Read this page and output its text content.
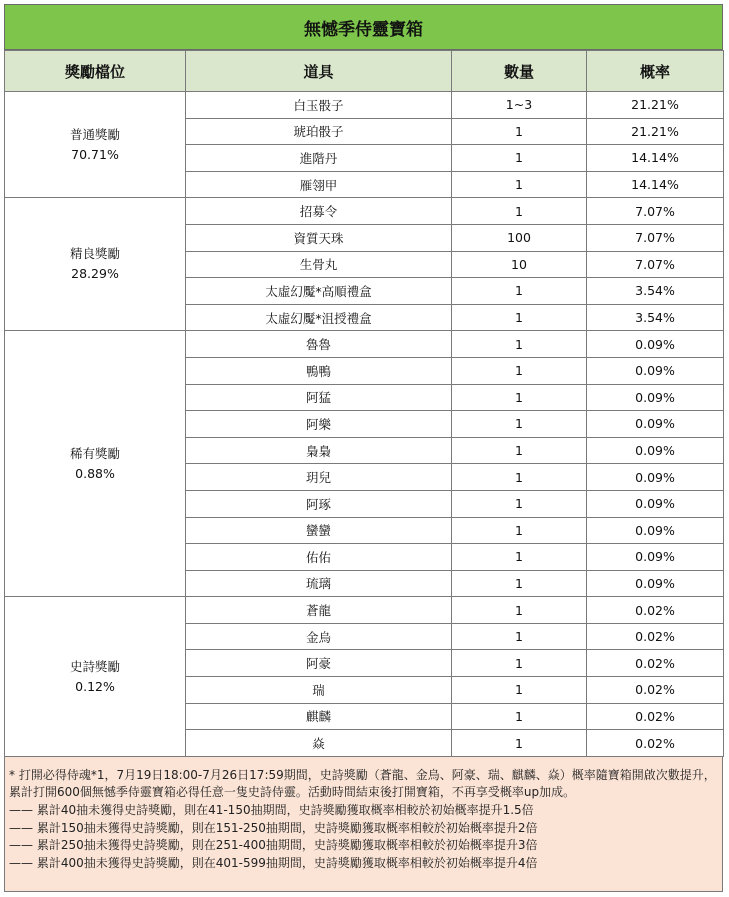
無憾季侍靈寶箱
獎勵檔位	道具	數量	概率

普通獎勵
70.71%	白玉骰子	1~3	21.21%
	琥珀骰子	1	21.21%
	進階丹	1	14.14%
	雁翎甲	1	14.14%

精良獎勵
28.29%	招募令	1	7.07%
	資質天珠	100	7.07%
	生骨丸	10	7.07%
	太虛幻魘*高順禮盒	1	3.54%
	太虛幻魘*沮授禮盒	1	3.54%

稀有獎勵
0.88%	魯魯	1	0.09%
	鴨鴨	1	0.09%
	阿猛	1	0.09%
	阿樂	1	0.09%
	梟梟	1	0.09%
	玥兒	1	0.09%
	阿琢	1	0.09%
	蠻蠻	1	0.09%
	佑佑	1	0.09%
	琉璃	1	0.09%

史詩獎勵
0.12%	蒼龍	1	0.02%
	金烏	1	0.02%
	阿豪	1	0.02%
	瑞	1	0.02%
	麒麟	1	0.02%
	焱	1	0.02%
* 打開必得侍魂*1，7月19日18:00-7月26日17:59期間，史詩獎勵（蒼龍、金烏、阿豪、瑞、麒麟、焱）概率隨寶箱開啟次數提升，累計打開600個無憾季侍靈寶箱必得任意一隻史詩侍靈。活動時間結束後打開寶箱，不再享受概率up加成。
—— 累計40抽未獲得史詩獎勵，則在41-150抽期間，史詩獎勵獲取概率相較於初始概率提升1.5倍
—— 累計150抽未獲得史詩獎勵，則在151-250抽期間，史詩獎勵獲取概率相較於初始概率提升2倍
—— 累計250抽未獲得史詩獎勵，則在251-400抽期間，史詩獎勵獲取概率相較於初始概率提升3倍
—— 累計400抽未獲得史詩獎勵，則在401-599抽期間，史詩獎勵獲取概率相較於初始概率提升4倍
